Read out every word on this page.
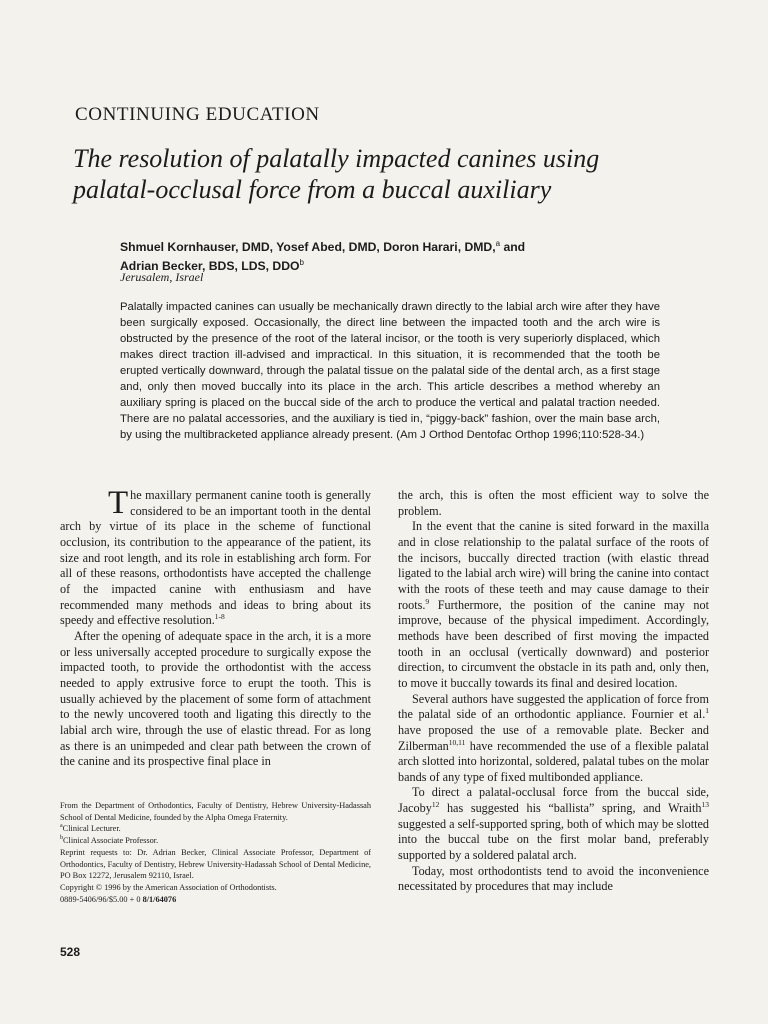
CONTINUING EDUCATION
The resolution of palatally impacted canines using
palatal-occlusal force from a buccal auxiliary
Shmuel Kornhauser, DMD, Yosef Abed, DMD, Doron Harari, DMD,$^a$ and
Adrian Becker, BDS, LDS, DDO$^b$
Jerusalem, Israel

Palatally impacted canines can usually be mechanically drawn directly to the labial arch wire after they have been surgically exposed. Occasionally, the direct line between the impacted tooth and the arch wire is obstructed by the presence of the root of the lateral incisor, or the tooth is very superiorly displaced, which makes direct traction ill-advised and impractical. In this situation, it is recommended that the tooth be erupted vertically downward, through the palatal tissue on the palatal side of the dental arch, as a first stage and, only then moved buccally into its place in the arch. This article describes a method whereby an auxiliary spring is placed on the buccal side of the arch to produce the vertical and palatal traction needed. There are no palatal accessories, and the auxiliary is tied in, “piggy-back” fashion, over the main base arch, by using the multibracketed appliance already present. (Am J Orthod Dentofac Orthop 1996;110:528-34.)

The maxillary permanent canine tooth is generally considered to be an important tooth in the dental arch by virtue of its place in the scheme of functional occlusion, its contribution to the appearance of the patient, its size and root length, and its role in establishing arch form. For all of these reasons, orthodontists have accepted the challenge of the impacted canine with enthusiasm and have recommended many methods and ideas to bring about its speedy and effective resolution.$^{1-8}$

After the opening of adequate space in the arch, it is a more or less universally accepted procedure to surgically expose the impacted tooth, to provide the orthodontist with the access needed to apply extrusive force to erupt the tooth. This is usually achieved by the placement of some form of attachment to the newly uncovered tooth and ligating this directly to the labial arch wire, through the use of elastic thread. For as long as there is an unimpeded and clear path between the crown of the canine and its prospective final place in

the arch, this is often the most efficient way to solve the problem.

In the event that the canine is sited forward in the maxilla and in close relationship to the palatal surface of the roots of the incisors, buccally directed traction (with elastic thread ligated to the labial arch wire) will bring the canine into contact with the roots of these teeth and may cause damage to their roots.$^9$ Furthermore, the position of the canine may not improve, because of the physical impediment. Accordingly, methods have been described of first moving the impacted tooth in an occlusal (vertically downward) and posterior direction, to circumvent the obstacle in its path and, only then, to move it buccally towards its final and desired location.

Several authors have suggested the application of force from the palatal side of an orthodontic appliance. Fournier et al.$^1$ have proposed the use of a removable plate. Becker and Zilberman$^{10,11}$ have recommended the use of a flexible palatal arch slotted into horizontal, soldered, palatal tubes on the molar bands of any type of fixed multibonded appliance.

To direct a palatal-occlusal force from the buccal side, Jacoby$^{12}$ has suggested his “ballista” spring, and Wraith$^{13}$ suggested a self-supported spring, both of which may be slotted into the buccal tube on the first molar band, preferably supported by a soldered palatal arch.

Today, most orthodontists tend to avoid the inconvenience necessitated by procedures that may include

From the Department of Orthodontics, Faculty of Dentistry, Hebrew University-Hadassah School of Dental Medicine, founded by the Alpha Omega Fraternity.
$^a$Clinical Lecturer.
$^b$Clinical Associate Professor.
Reprint requests to: Dr. Adrian Becker, Clinical Associate Professor, Department of Orthodontics, Faculty of Dentistry, Hebrew University-Hadassah School of Dental Medicine, PO Box 12272, Jerusalem 92110, Israel.
Copyright © 1996 by the American Association of Orthodontists.
0889-5406/96/$5.00 + 0 8/1/64076
528
